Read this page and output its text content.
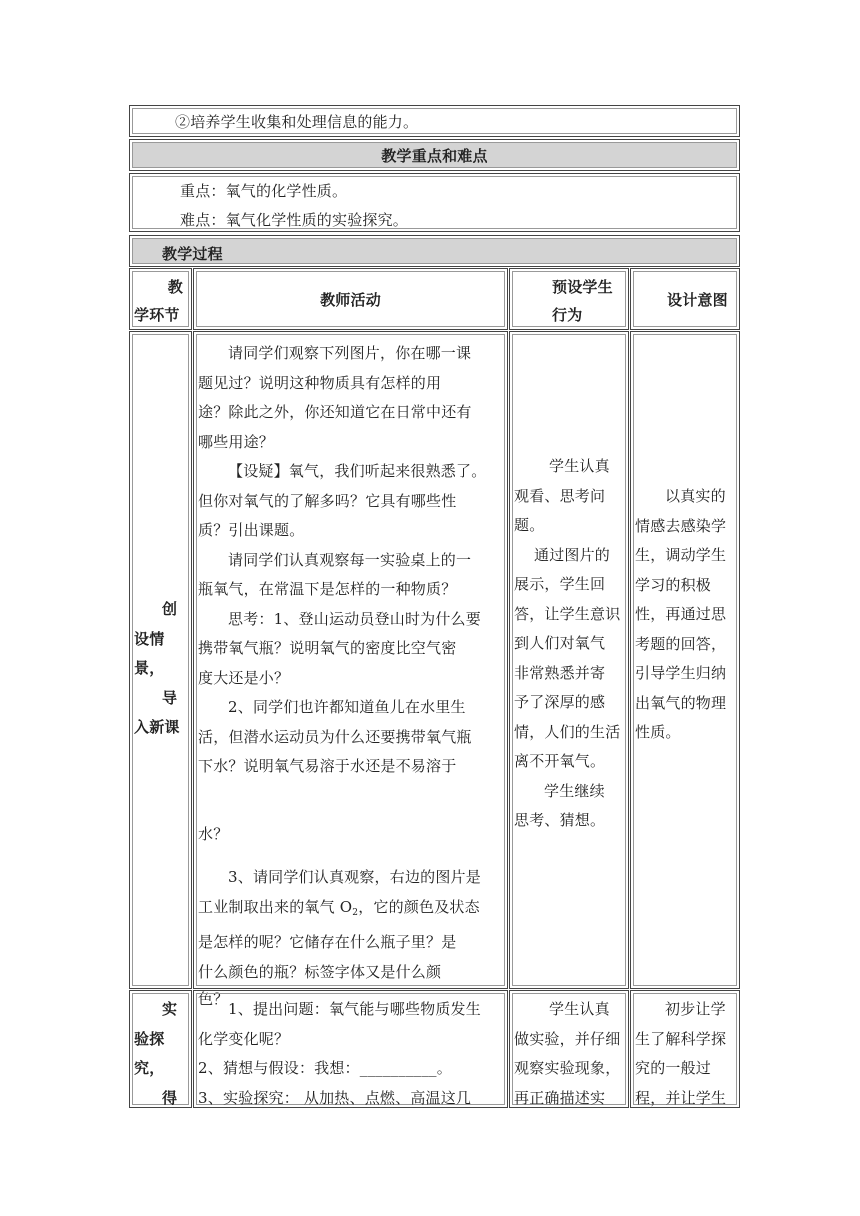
②培养学生收集和处理信息的能力。
教学重点和难点
重点：氧气的化学性质。
难点：氧气化学性质的实验探究。
教学过程
教
学环节
教师活动
预设学生
行为
设计意图
创
设情
景，
导
入新课
请同学们观察下列图片，你在哪一课
题见过？说明这种物质具有怎样的用
途？除此之外，你还知道它在日常中还有
哪些用途？
【设疑】氧气，我们听起来很熟悉了。
但你对氧气的了解多吗？它具有哪些性
质？引出课题。
请同学们认真观察每一实验桌上的一
瓶氧气，在常温下是怎样的一种物质？
思考：1、登山运动员登山时为什么要
携带氧气瓶？说明氧气的密度比空气密
度大还是小？
2、同学们也许都知道鱼儿在水里生
活，但潜水运动员为什么还要携带氧气瓶
下水？说明氧气易溶于水还是不易溶于
水？
3、请同学们认真观察，右边的图片是
工业制取出来的氧气 $O_2$，它的颜色及状态
是怎样的呢？它储存在什么瓶子里？是
什么颜色的瓶？标签字体又是什么颜
色？
学生认真
观看、思考问
题。
通过图片的
展示，学生回
答，让学生意识
到人们对氧气
非常熟悉并寄
予了深厚的感
情，人们的生活
离不开氧气。
学生继续
思考、猜想。
以真实的
情感去感染学
生，调动学生
学习的积极
性，再通过思
考题的回答，
引导学生归纳
出氧气的物理
性质。
实
验探
究，
得
1、提出问题：氧气能与哪些物质发生
化学变化呢？
2、猜想与假设：我想：__________。
3、实验探究： 从加热、点燃、高温这几
学生认真
做实验，并仔细
观察实验现象，
再正确描述实
初步让学
生了解科学探
究的一般过
程，并让学生
